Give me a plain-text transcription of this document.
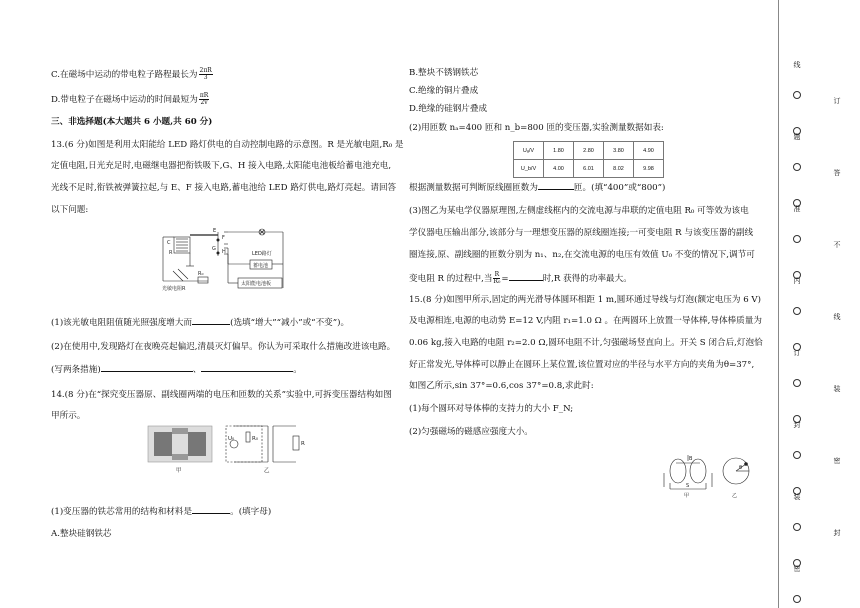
C.在磁场中运动的带电粒子路程最长为 $\frac{2\pi R}{3}$

D.带电粒子在磁场中运动的时间最短为 $\frac{\pi R}{2v}$

三、非选择题(本大题共 6 小题,共 60 分)

13.(6 分)如图是利用太阳能给 LED 路灯供电的自动控制电路的示意图。R 是光敏电阻,R₀ 是

定值电阻,日光充足时,电磁继电器把衔铁吸下,G、H 接入电路,太阳能电池板给蓄电池充电,

光线不足时,衔铁被弹簧拉起,与 E、F 接入电路,蓄电池给 LED 路灯供电,路灯亮起。请回答

以下问题:

(1)该光敏电阻阻值随光照强度增大而	(选填“增大”“减小”或“不变”)。

(2)在使用中,发现路灯在夜晚亮起偏迟,清晨灭灯偏早。你认为可采取什么措施改进该电路。

(写两条措施)	、	。

14.(8 分)在“探究变压器原、副线圈两端的电压和匝数的关系”实验中,可拆变压器结构如图

甲所示。

(1)变压器的铁芯常用的结构和材料是	。(填字母)

A.整块硅钢铁芯

E
F
G H
C
R
R₀
LED路灯
蓄电池
太阳能电池板
光敏电阻R
甲
R₀
U₀
R
乙

B.整块不锈钢铁芯

C.绝缘的铜片叠成

D.绝缘的硅钢片叠成

(2)用匝数 nₐ=400 匝和 n_b=800 匝的变压器,实验测量数据如表:

根据测量数据可判断原线圈匝数为	匝。(填“400”或“800”)

(3)图乙为某电学仪器原理图,左侧虚线框内的交流电源与串联的定值电阻 R₀ 可等效为该电

学仪器电压输出部分,该部分与一理想变压器的原线圈连接;一可变电阻 R 与该变压器的副线

圈连接,原、副线圈的匝数分别为 n₁、n₂,在交流电源的电压有效值 U₀ 不变的情况下,调节可

变电阻 R 的过程中,当 $\frac{R}{\text{R₀}}$ =	时,R 获得的功率最大。

15.(8 分)如图甲所示,固定的两光滑导体圆环相距 1 m,圆环通过导线与灯泡(额定电压为 6 V)

及电源相连,电源的电动势 E=12 V,内阻 r₁=1.0 Ω 。在两圆环上放置一导体棒,导体棒质量为

0.06 kg,接入电路的电阻 r₂=2.0 Ω,圆环电阻不计,匀强磁场竖直向上。开关 S 闭合后,灯泡恰

好正常发光,导体棒可以静止在圆环上某位置,该位置对应的半径与水平方向的夹角为θ=37°,

如图乙所示,sin 37°=0.6,cos 37°=0.8,求此时:

(1)每个圆环对导体棒的支持力的大小 F_N;

(2)匀强磁场的磁感应强度大小。

Uₐ/V	1.80	2.80	3.80	4.90
U_b/V	4.00	6.01	8.02	9.98
甲
S
B
θ
乙
线
订
题
答
准
不
内
线
订
装
封
密
装
封
密
